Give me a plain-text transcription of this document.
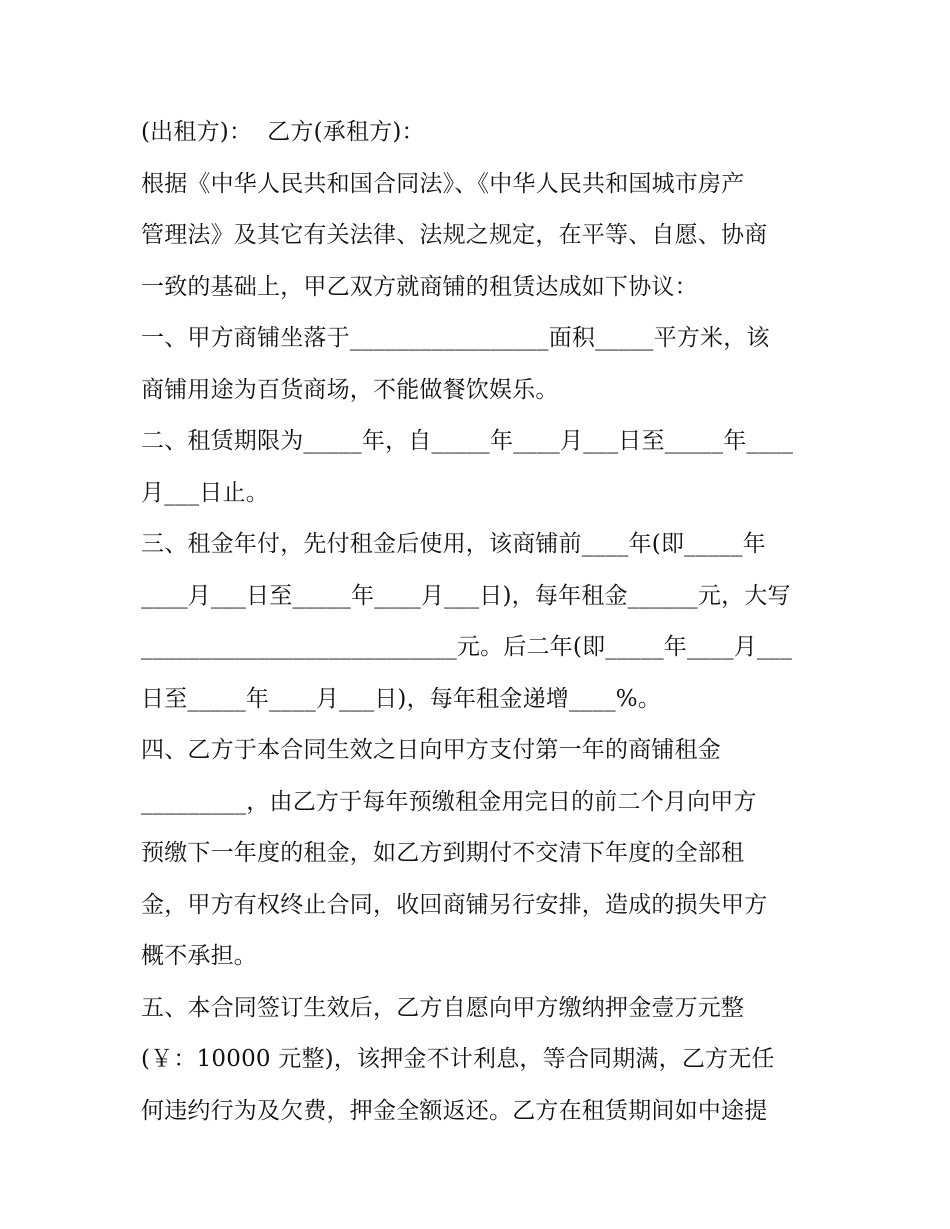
(出租方)：  乙方(承租方)：
根据《中华人民共和国合同法》、《中华人民共和国城市房产
管理法》及其它有关法律、法规之规定，在平等、自愿、协商
一致的基础上，甲乙双方就商铺的租赁达成如下协议：
一、甲方商铺坐落于_________________面积_____平方米，该
商铺用途为百货商场，不能做餐饮娱乐。
二、租赁期限为_____年，自_____年____月___日至_____年____
月___日止。
三、租金年付，先付租金后使用，该商铺前____年(即_____年
____月___日至_____年____月___日)，每年租金______元，大写
___________________________元。后二年(即_____年____月___
日至_____年____月___日)，每年租金递增____%。
四、乙方于本合同生效之日向甲方支付第一年的商铺租金
_________，由乙方于每年预缴租金用完日的前二个月向甲方
预缴下一年度的租金，如乙方到期付不交清下年度的全部租
金，甲方有权终止合同，收回商铺另行安排，造成的损失甲方
概不承担。
五、本合同签订生效后，乙方自愿向甲方缴纳押金壹万元整
(￥：10000 元整)，该押金不计利息，等合同期满，乙方无任
何违约行为及欠费，押金全额返还。乙方在租赁期间如中途提
